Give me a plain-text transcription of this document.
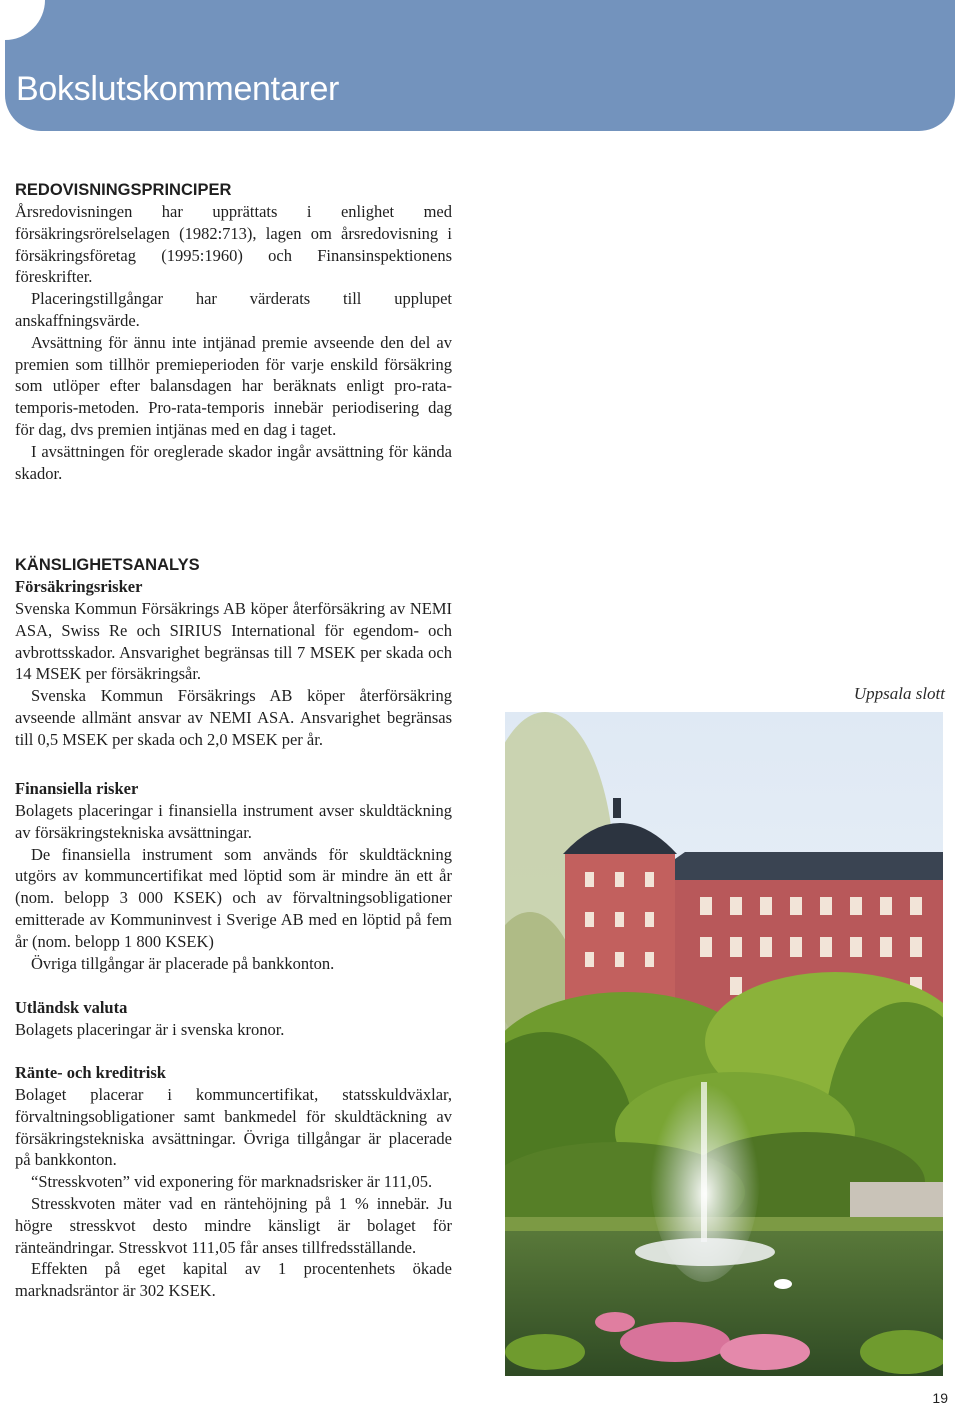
Bokslutskommentarer
REDOVISNINGSPRINCIPER

Årsredovisningen har upprättats i enlighet med försäkringsrörelselagen (1982:713), lagen om årsredovisning i försäkringsföretag (1995:1960) och Finansinspektionens föreskrifter.

Placeringstillgångar har värderats till upplupet anskaffningsvärde.

Avsättning för ännu inte intjänad premie avseende den del av premien som tillhör premieperioden för varje enskild försäkring som utlöper efter balansdagen har beräknats enligt pro-rata-temporis-metoden. Pro-rata-temporis innebär periodisering dag för dag, dvs premien intjänas med en dag i taget.

I avsättningen för oreglerade skador ingår avsättning för kända skador.

KÄNSLIGHETSANALYS
Försäkringsrisker

Svenska Kommun Försäkrings AB köper återförsäkring av NEMI ASA, Swiss Re och SIRIUS International för egendom- och avbrottsskador. Ansvarighet begränsas till 7 MSEK per skada och 14 MSEK per försäkringsår.

Svenska Kommun Försäkrings AB köper återförsäkring avseende allmänt ansvar av NEMI ASA. Ansvarighet begränsas till 0,5 MSEK per skada och 2,0 MSEK per år.

Finansiella risker

Bolagets placeringar i finansiella instrument avser skuldtäckning av försäkringstekniska avsättningar.

De finansiella instrument som används för skuldtäckning utgörs av kommuncertifikat med löptid som är mindre än ett år (nom. belopp 3 000 KSEK) och av förvaltningsobligationer emitterade av Kommuninvest i Sverige AB med en löptid på fem år (nom. belopp 1 800 KSEK)

Övriga tillgångar är placerade på bankkonton.

Utländsk valuta

Bolagets placeringar är i svenska kronor.

Ränte- och kreditrisk

Bolaget placerar i kommuncertifikat, statsskuldväxlar, förvaltningsobligationer samt bankmedel för skuldtäckning av försäkringstekniska avsättningar. Övriga tillgångar är placerade på bankkonton.

“Stresskvoten” vid exponering för marknadsrisker är 111,05.

Stresskvoten mäter vad en räntehöjning på 1 % innebär. Ju högre stresskvot desto mindre känsligt är bolaget för ränteändringar. Stresskvot 111,05 får anses tillfredsställande.

Effekten på eget kapital av 1 procentenhets ökade marknadsräntor är 302 KSEK.

Uppsala slott

19
